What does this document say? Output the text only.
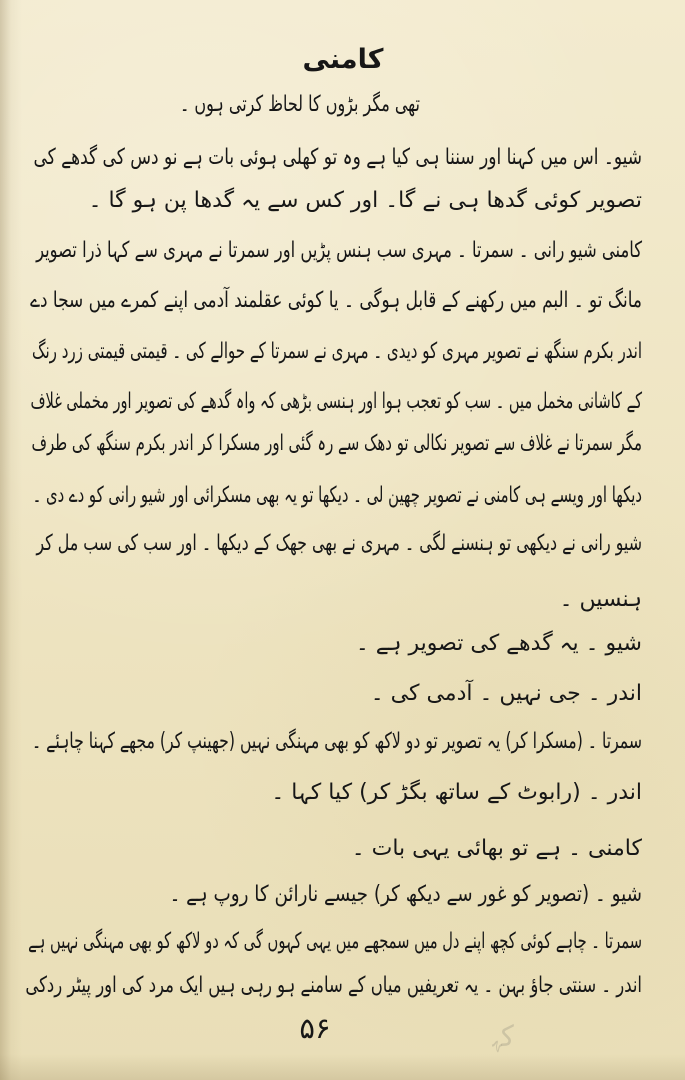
کامنی
تھی مگر بڑوں کا لحاظ کرتی ہوں ۔
شیو۔ اس میں کہنا اور سننا ہی کیا ہے وہ تو کھلی ہوئی بات ہے نو دس کی گدھے کی
تصویر کوئی گدھا ہی نے گا۔ اور کس سے یہ گدھا پن ہو گا ۔
کامنی شیو رانی ۔ سمرتا ۔ مہری سب ہنس پڑیں اور سمرتا نے مہری سے کہا ذرا تصویر
مانگ تو ۔ البم میں رکھنے کے قابل ہوگی ۔ یا کوئی عقلمند آدمی اپنے کمرے میں سجا دے
اندر بکرم سنگھ نے تصویر مہری کو دیدی ۔ مہری نے سمرتا کے حوالے کی ۔ قیمتی قیمتی زرد رنگ
کے کاشانی مخمل میں ۔ سب کو تعجب ہوا اور ہنسی بڑھی کہ واہ گدھے کی تصویر اور مخملی غلاف
مگر سمرتا نے غلاف سے تصویر نکالی تو دھک سے رہ گئی اور مسکرا کر اندر بکرم سنگھ کی طرف
دیکھا اور ویسے ہی کامنی نے تصویر چھین لی ۔ دیکھا تو یہ بھی مسکرائی اور شیو رانی کو دے دی ۔
شیو رانی نے دیکھی تو ہنسنے لگی ۔ مہری نے بھی جھک کے دیکھا ۔ اور سب کی سب مل کر
ہنسیں ۔
شیو ۔ یہ گدھے کی تصویر ہے ۔
اندر ۔ جی نہیں ۔ آدمی کی ۔
سمرتا ۔ (مسکرا کر) یہ تصویر تو دو لاکھ کو بھی مہنگی نہیں (جھینپ کر) مجھے کہنا چاہئے ۔
اندر ۔ (رابوٹ کے ساتھ بگڑ کر) کیا کہا ۔
کامنی ۔ ہے تو بھائی یہی بات ۔
شیو ۔ (تصویر کو غور سے دیکھ کر) جیسے نارائن کا روپ ہے ۔
سمرتا ۔ چاہے کوئی کچھ اپنے دل میں سمجھے میں یہی کہوں گی کہ دو لاکھ کو بھی مہنگی نہیں ہے
اندر ۔ سنتی جاؤ بہن ۔ یہ تعریفیں میاں کے سامنے ہو رہی ہیں ایک مرد کی اور پیٹر ردکی
ﮐﮩ
۵۶
